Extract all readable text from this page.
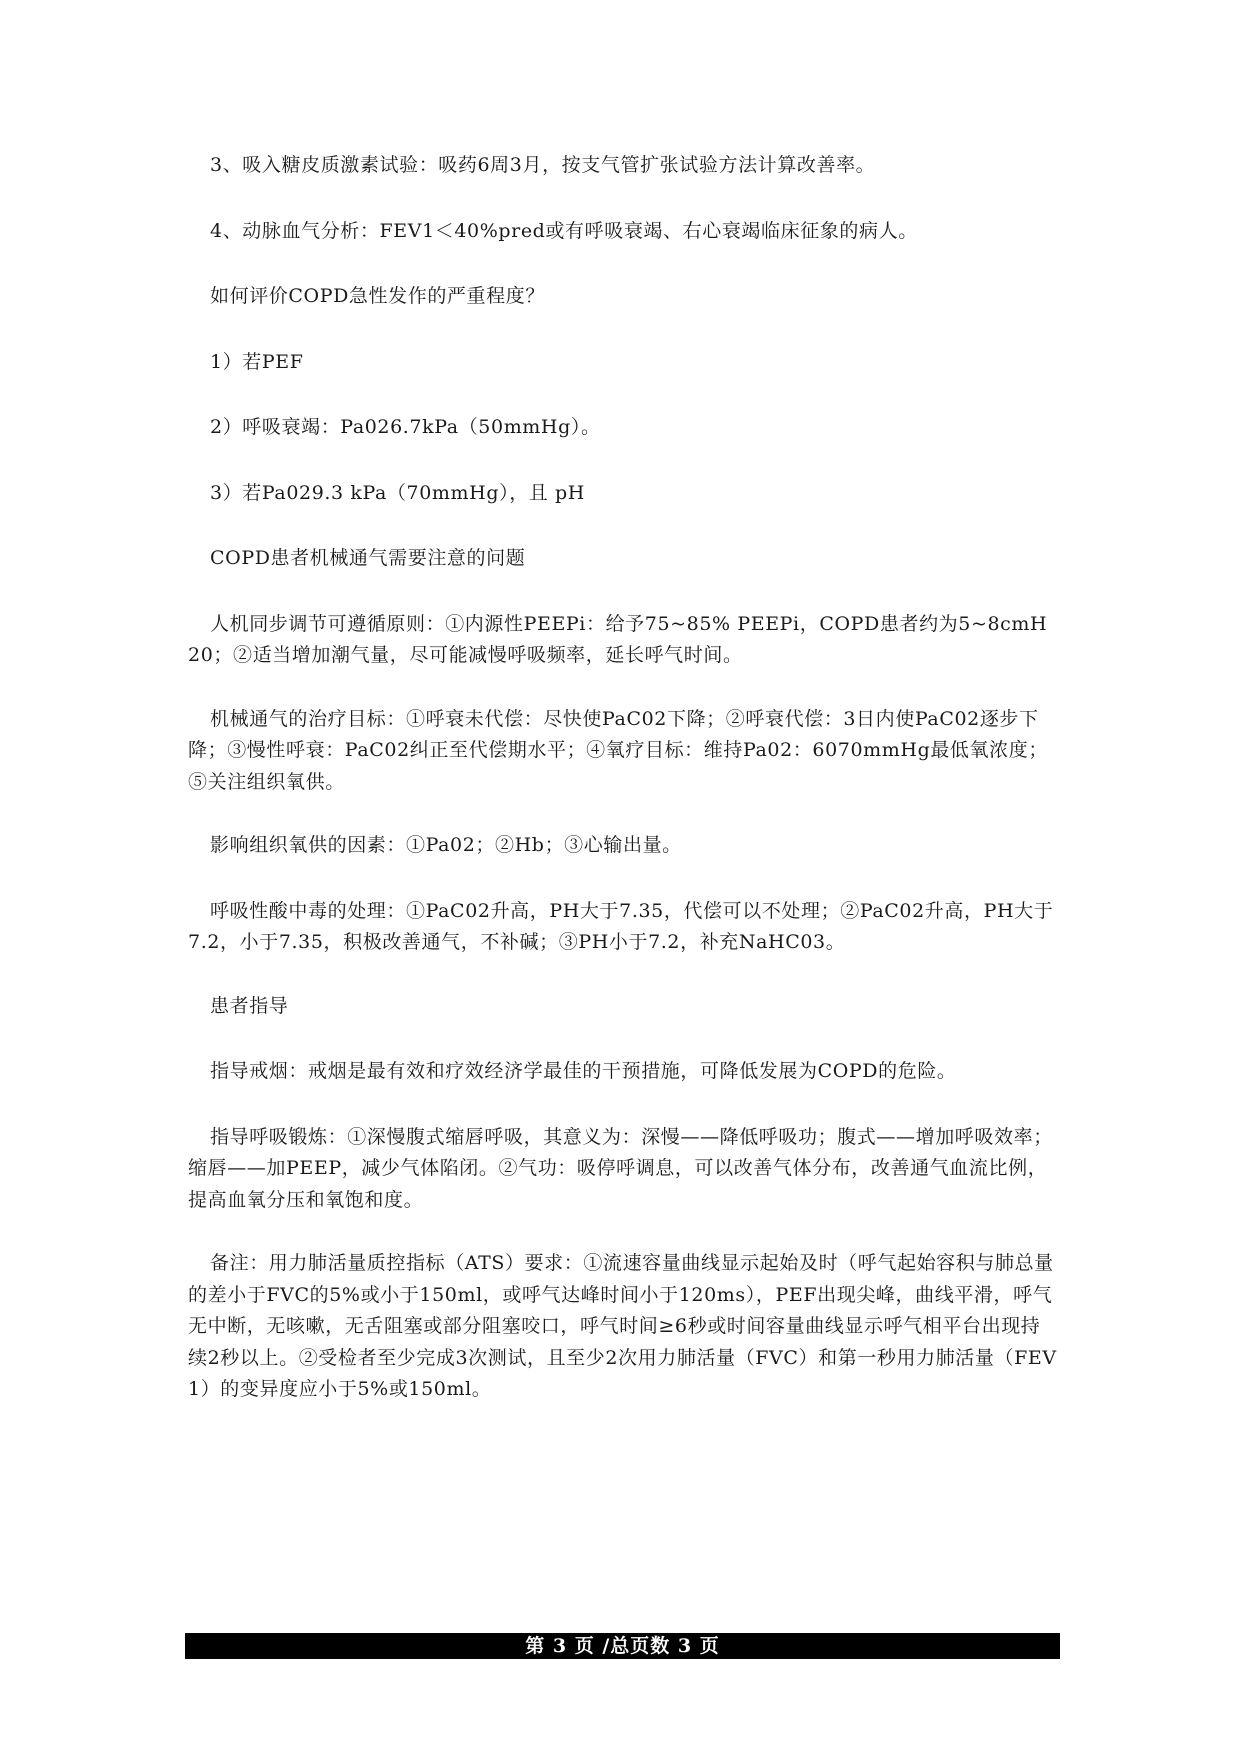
3、吸入糖皮质激素试验：吸药6周3月，按支气管扩张试验方法计算改善率。

4、动脉血气分析：FEV1＜40%pred或有呼吸衰竭、右心衰竭临床征象的病人。

如何评价COPD急性发作的严重程度？

1）若PEF

2）呼吸衰竭：Pa026.7kPa（50mmHg）。

3）若Pa029.3 kPa（70mmHg），且 pH

COPD患者机械通气需要注意的问题

人机同步调节可遵循原则：①内源性PEEPi：给予75~85% PEEPi，COPD患者约为5~8cmH20；②适当增加潮气量，尽可能减慢呼吸频率，延长呼气时间。

机械通气的治疗目标：①呼衰未代偿：尽快使PaC02下降；②呼衰代偿：3日内使PaC02逐步下降；③慢性呼衰：PaC02纠正至代偿期水平；④氧疗目标：维持Pa02：6070mmHg最低氧浓度；⑤关注组织氧供。

影响组织氧供的因素：①Pa02；②Hb；③心输出量。

呼吸性酸中毒的处理：①PaC02升高，PH大于7.35，代偿可以不处理；②PaC02升高，PH大于7.2，小于7.35，积极改善通气，不补碱；③PH小于7.2，补充NaHC03。

患者指导

指导戒烟：戒烟是最有效和疗效经济学最佳的干预措施，可降低发展为COPD的危险。

指导呼吸锻炼：①深慢腹式缩唇呼吸，其意义为：深慢——降低呼吸功；腹式——增加呼吸效率；缩唇——加PEEP，减少气体陷闭。②气功：吸停呼调息，可以改善气体分布，改善通气血流比例，提高血氧分压和氧饱和度。

备注：用力肺活量质控指标（ATS）要求：①流速容量曲线显示起始及时（呼气起始容积与肺总量的差小于FVC的5%或小于150ml，或呼气达峰时间小于120ms），PEF出现尖峰，曲线平滑，呼气无中断，无咳嗽，无舌阻塞或部分阻塞咬口，呼气时间≥6秒或时间容量曲线显示呼气相平台出现持续2秒以上。②受检者至少完成3次测试，且至少2次用力肺活量（FVC）和第一秒用力肺活量（FEV1）的变异度应小于5%或150ml。

第 3 页 /总页数 3 页
